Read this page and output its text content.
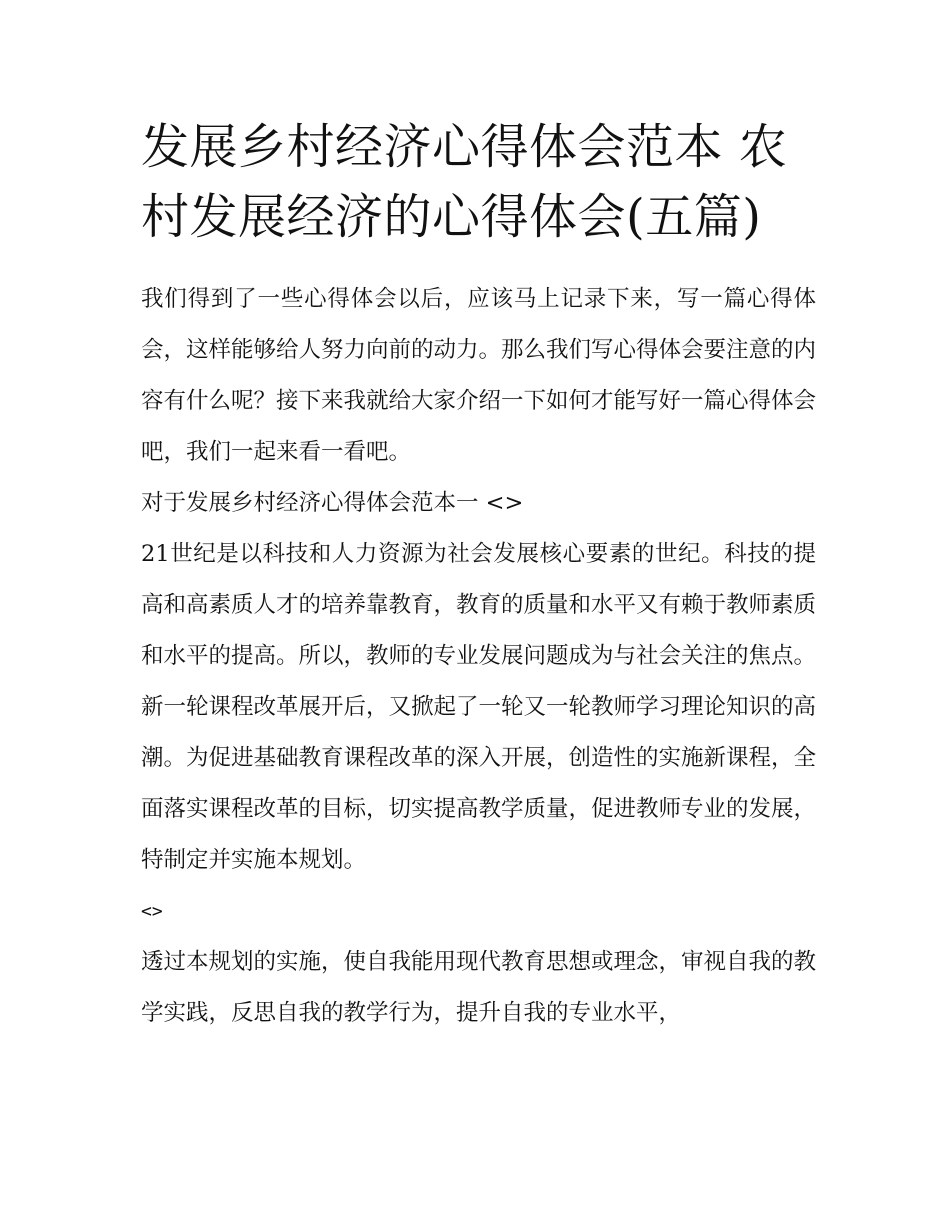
发展乡村经济心得体会范本 农村发展经济的心得体会(五篇)

我们得到了一些心得体会以后，应该马上记录下来，写一篇心得体会，这样能够给人努力向前的动力。那么我们写心得体会要注意的内容有什么呢？接下来我就给大家介绍一下如何才能写好一篇心得体会吧，我们一起来看一看吧。

对于发展乡村经济心得体会范本一 <>

21世纪是以科技和人力资源为社会发展核心要素的世纪。科技的提高和高素质人才的培养靠教育，教育的质量和水平又有赖于教师素质和水平的提高。所以，教师的专业发展问题成为与社会关注的焦点。新一轮课程改革展开后，又掀起了一轮又一轮教师学习理论知识的高潮。为促进基础教育课程改革的深入开展，创造性的实施新课程，全面落实课程改革的目标，切实提高教学质量，促进教师专业的发展，特制定并实施本规划。

<>

透过本规划的实施，使自我能用现代教育思想或理念，审视自我的教学实践，反思自我的教学行为，提升自我的专业水平，
